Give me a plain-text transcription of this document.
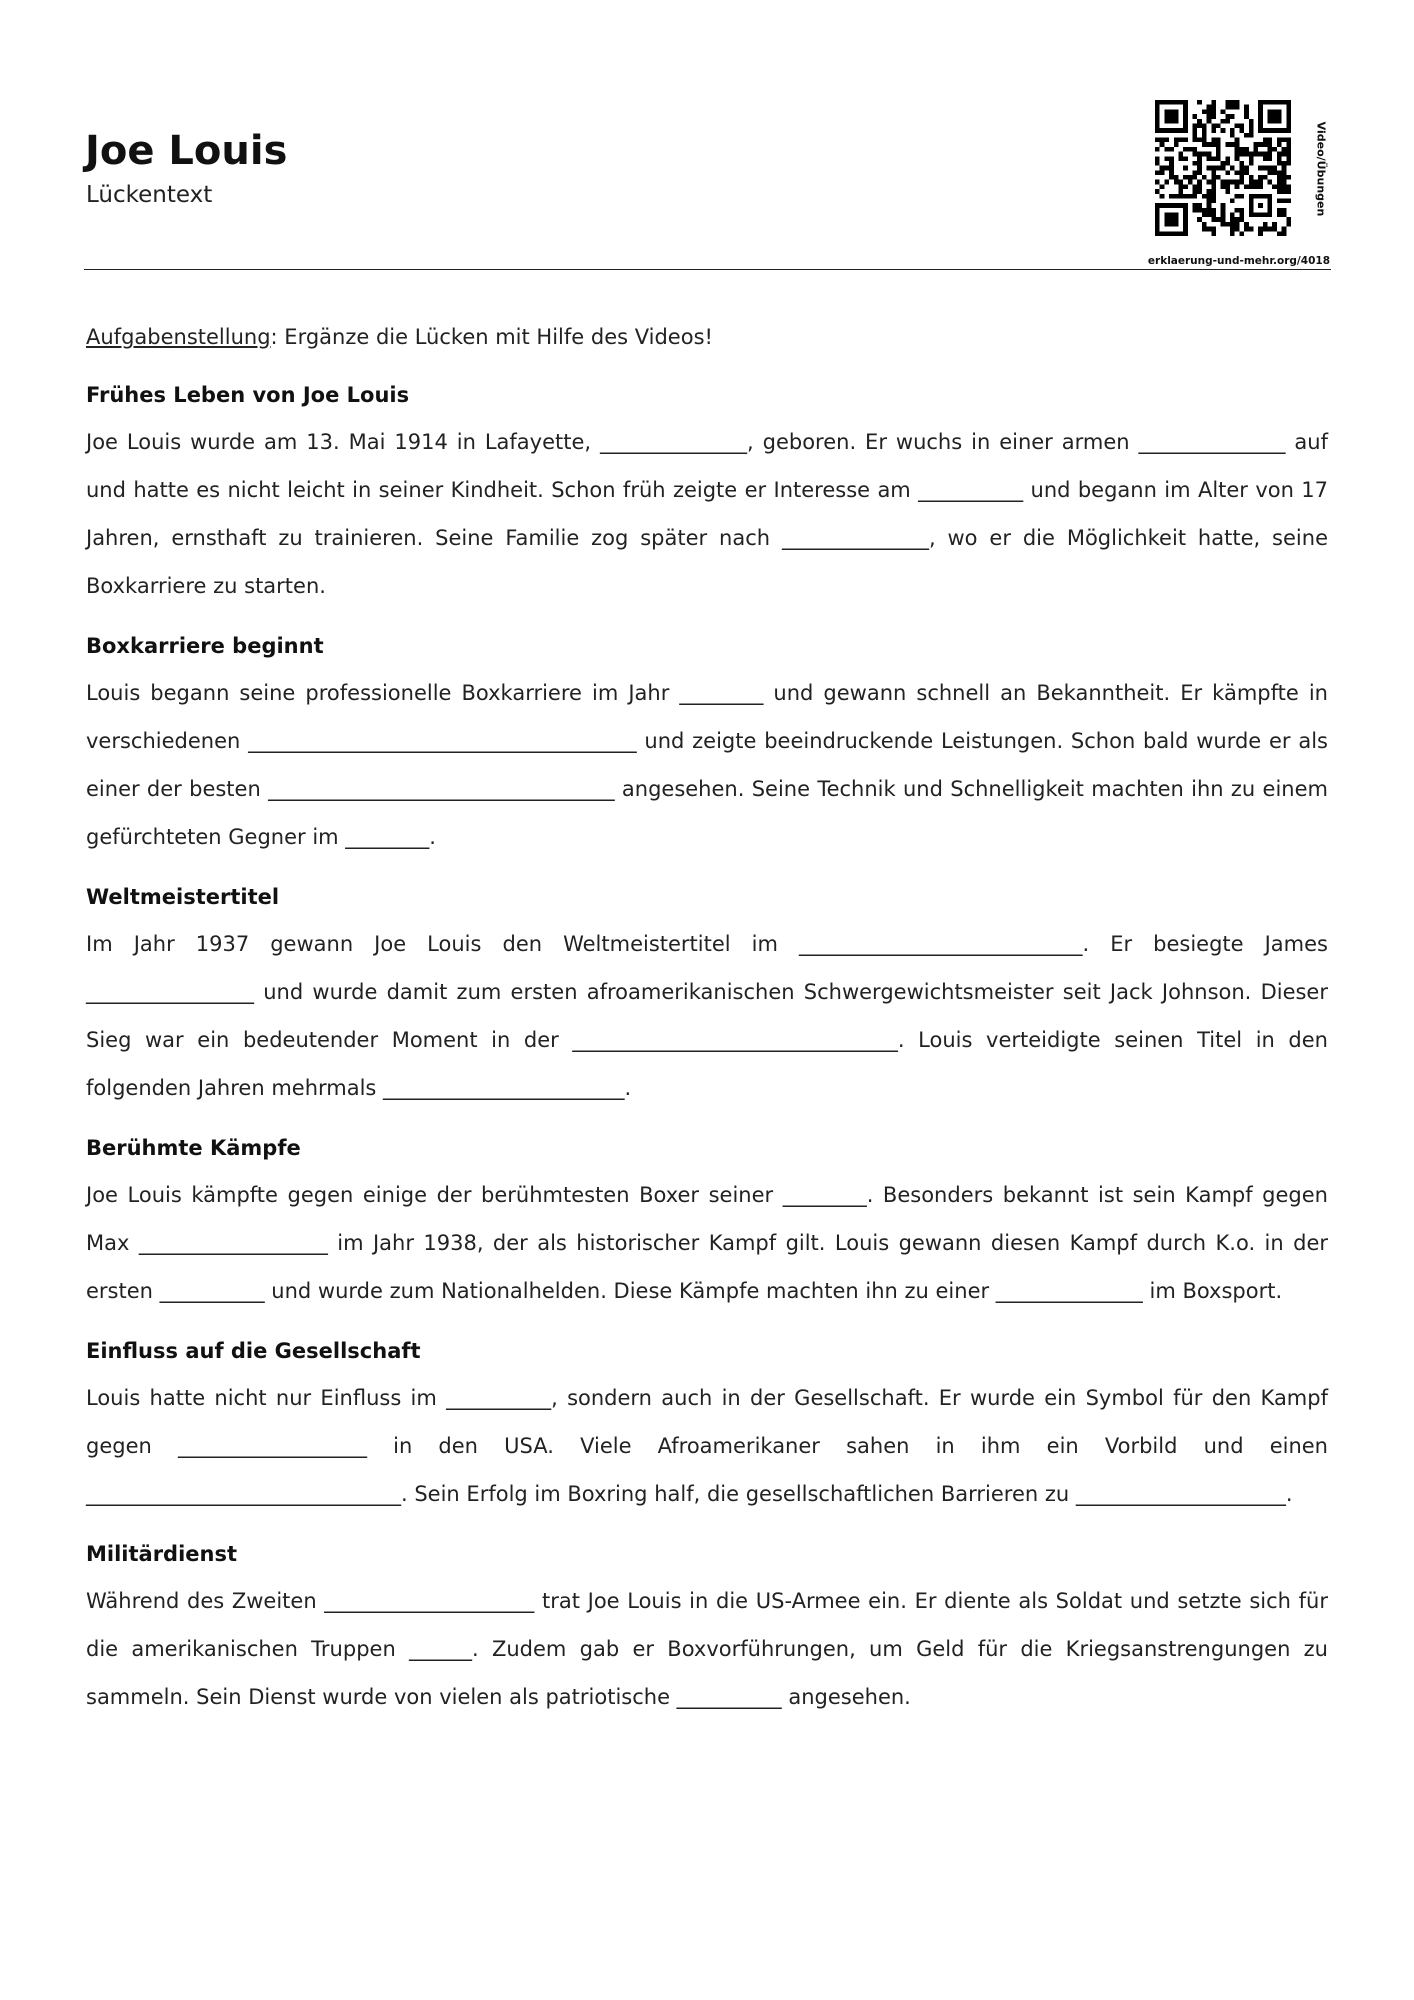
Joe Louis
Lückentext	Video/Übungen
erklaerung-und-mehr.org/4018
Aufgabenstellung: Ergänze die Lücken mit Hilfe des Videos!
Frühes Leben von Joe Louis

Joe Louis wurde am 13. Mai 1914 in Lafayette, ______________, geboren. Er wuchs in einer armen ______________ auf und hatte es nicht leicht in seiner Kindheit. Schon früh zeigte er Interesse am __________ und begann im Alter von 17 Jahren, ernsthaft zu trainieren. Seine Familie zog später nach ______________, wo er die Möglichkeit hatte, seine Boxkarriere zu starten.

Boxkarriere beginnt

Louis begann seine professionelle Boxkarriere im Jahr ________ und gewann schnell an Bekanntheit. Er kämpfte in verschiedenen _____________________________________ und zeigte beeindruckende Leistungen. Schon bald wurde er als einer der besten _________________________________ angesehen. Seine Technik und Schnelligkeit machten ihn zu einem gefürchteten Gegner im ________.

Weltmeistertitel

Im Jahr 1937 gewann Joe Louis den Weltmeistertitel im ___________________________. Er besiegte James ________________ und wurde damit zum ersten afroamerikanischen Schwergewichtsmeister seit Jack Johnson. Dieser Sieg war ein bedeutender Moment in der _______________________________. Louis verteidigte seinen Titel in den folgenden Jahren mehrmals _______________________.

Berühmte Kämpfe

Joe Louis kämpfte gegen einige der berühmtesten Boxer seiner ________. Besonders bekannt ist sein Kampf gegen Max __________________ im Jahr 1938, der als historischer Kampf gilt. Louis gewann diesen Kampf durch K.o. in der ersten __________ und wurde zum Nationalhelden. Diese Kämpfe machten ihn zu einer ______________ im Boxsport.

Einfluss auf die Gesellschaft

Louis hatte nicht nur Einfluss im __________, sondern auch in der Gesellschaft. Er wurde ein Symbol für den Kampf gegen __________________ in den USA. Viele Afroamerikaner sahen in ihm ein Vorbild und einen ______________________________. Sein Erfolg im Boxring half, die gesellschaftlichen Barrieren zu ____________________.

Militärdienst

Während des Zweiten ____________________ trat Joe Louis in die US-Armee ein. Er diente als Soldat und setzte sich für die amerikanischen Truppen ______. Zudem gab er Boxvorführungen, um Geld für die Kriegsanstrengungen zu sammeln. Sein Dienst wurde von vielen als patriotische __________ angesehen.
